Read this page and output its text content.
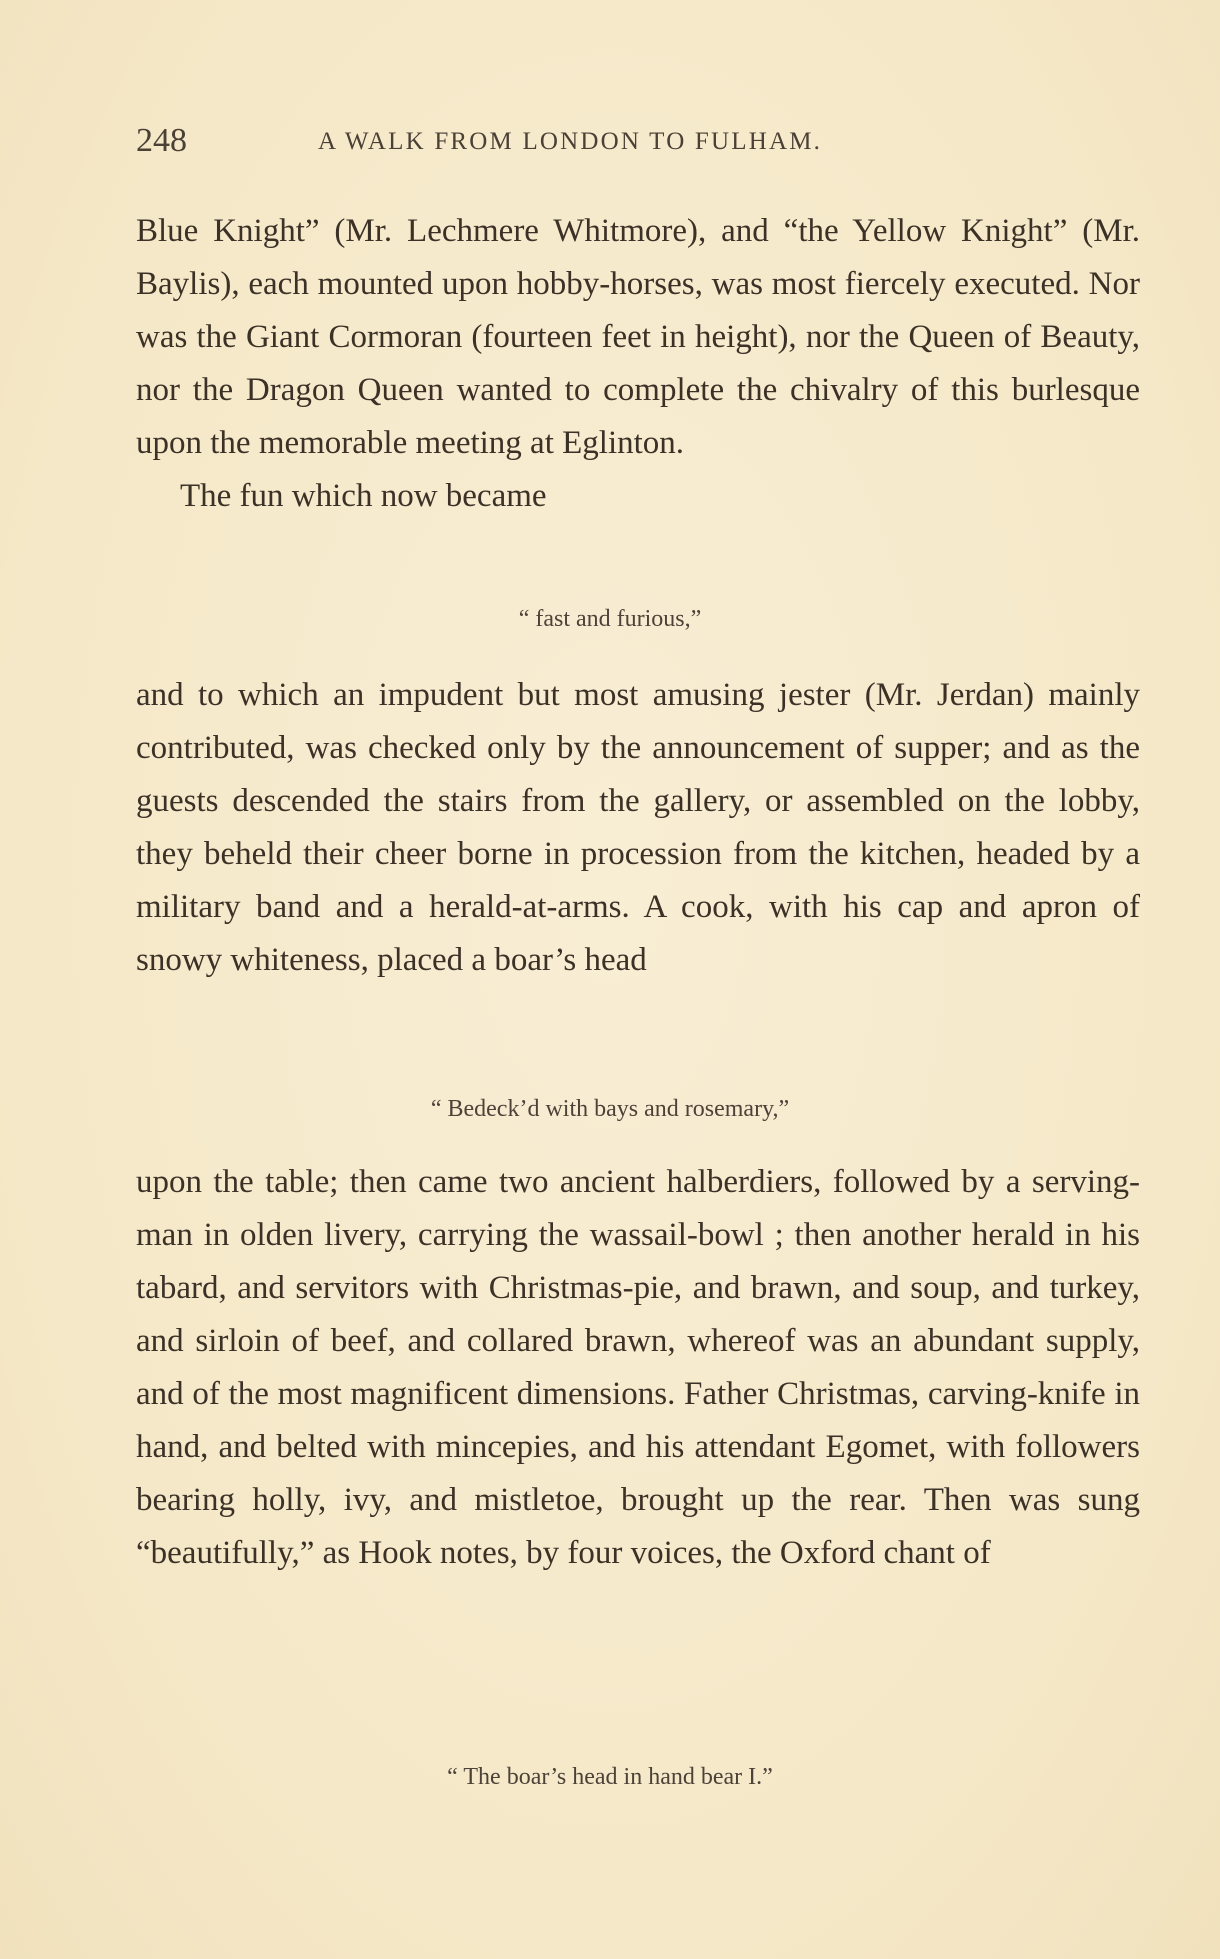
248	A WALK FROM LONDON TO FULHAM.

Blue Knight” (Mr. Lechmere Whitmore), and “the Yellow Knight” (Mr. Baylis), each mounted upon hobby-horses, was most fiercely executed. Nor was the Giant Cormoran (fourteen feet in height), nor the Queen of Beauty, nor the Dragon Queen wanted to complete the chivalry of this burlesque upon the memorable meeting at Eglinton.

The fun which now became

“ fast and furious,”

and to which an impudent but most amusing jester (Mr. Jerdan) mainly contributed, was checked only by the announcement of supper; and as the guests descended the stairs from the gallery, or assembled on the lobby, they beheld their cheer borne in procession from the kitchen, headed by a military band and a herald-at-arms. A cook, with his cap and apron of snowy whiteness, placed a boar’s head

“ Bedeck’d with bays and rosemary,”

upon the table; then came two ancient halberdiers, followed by a serving-man in olden livery, carrying the wassail-bowl ; then another herald in his tabard, and servitors with Christmas-pie, and brawn, and soup, and turkey, and sirloin of beef, and collared brawn, whereof was an abundant supply, and of the most magnificent dimensions. Father Christmas, carving-knife in hand, and belted with mincepies, and his attendant Egomet, with followers bearing holly, ivy, and mistletoe, brought up the rear. Then was sung “beautifully,” as Hook notes, by four voices, the Oxford chant of

“ The boar’s head in hand bear I.”
